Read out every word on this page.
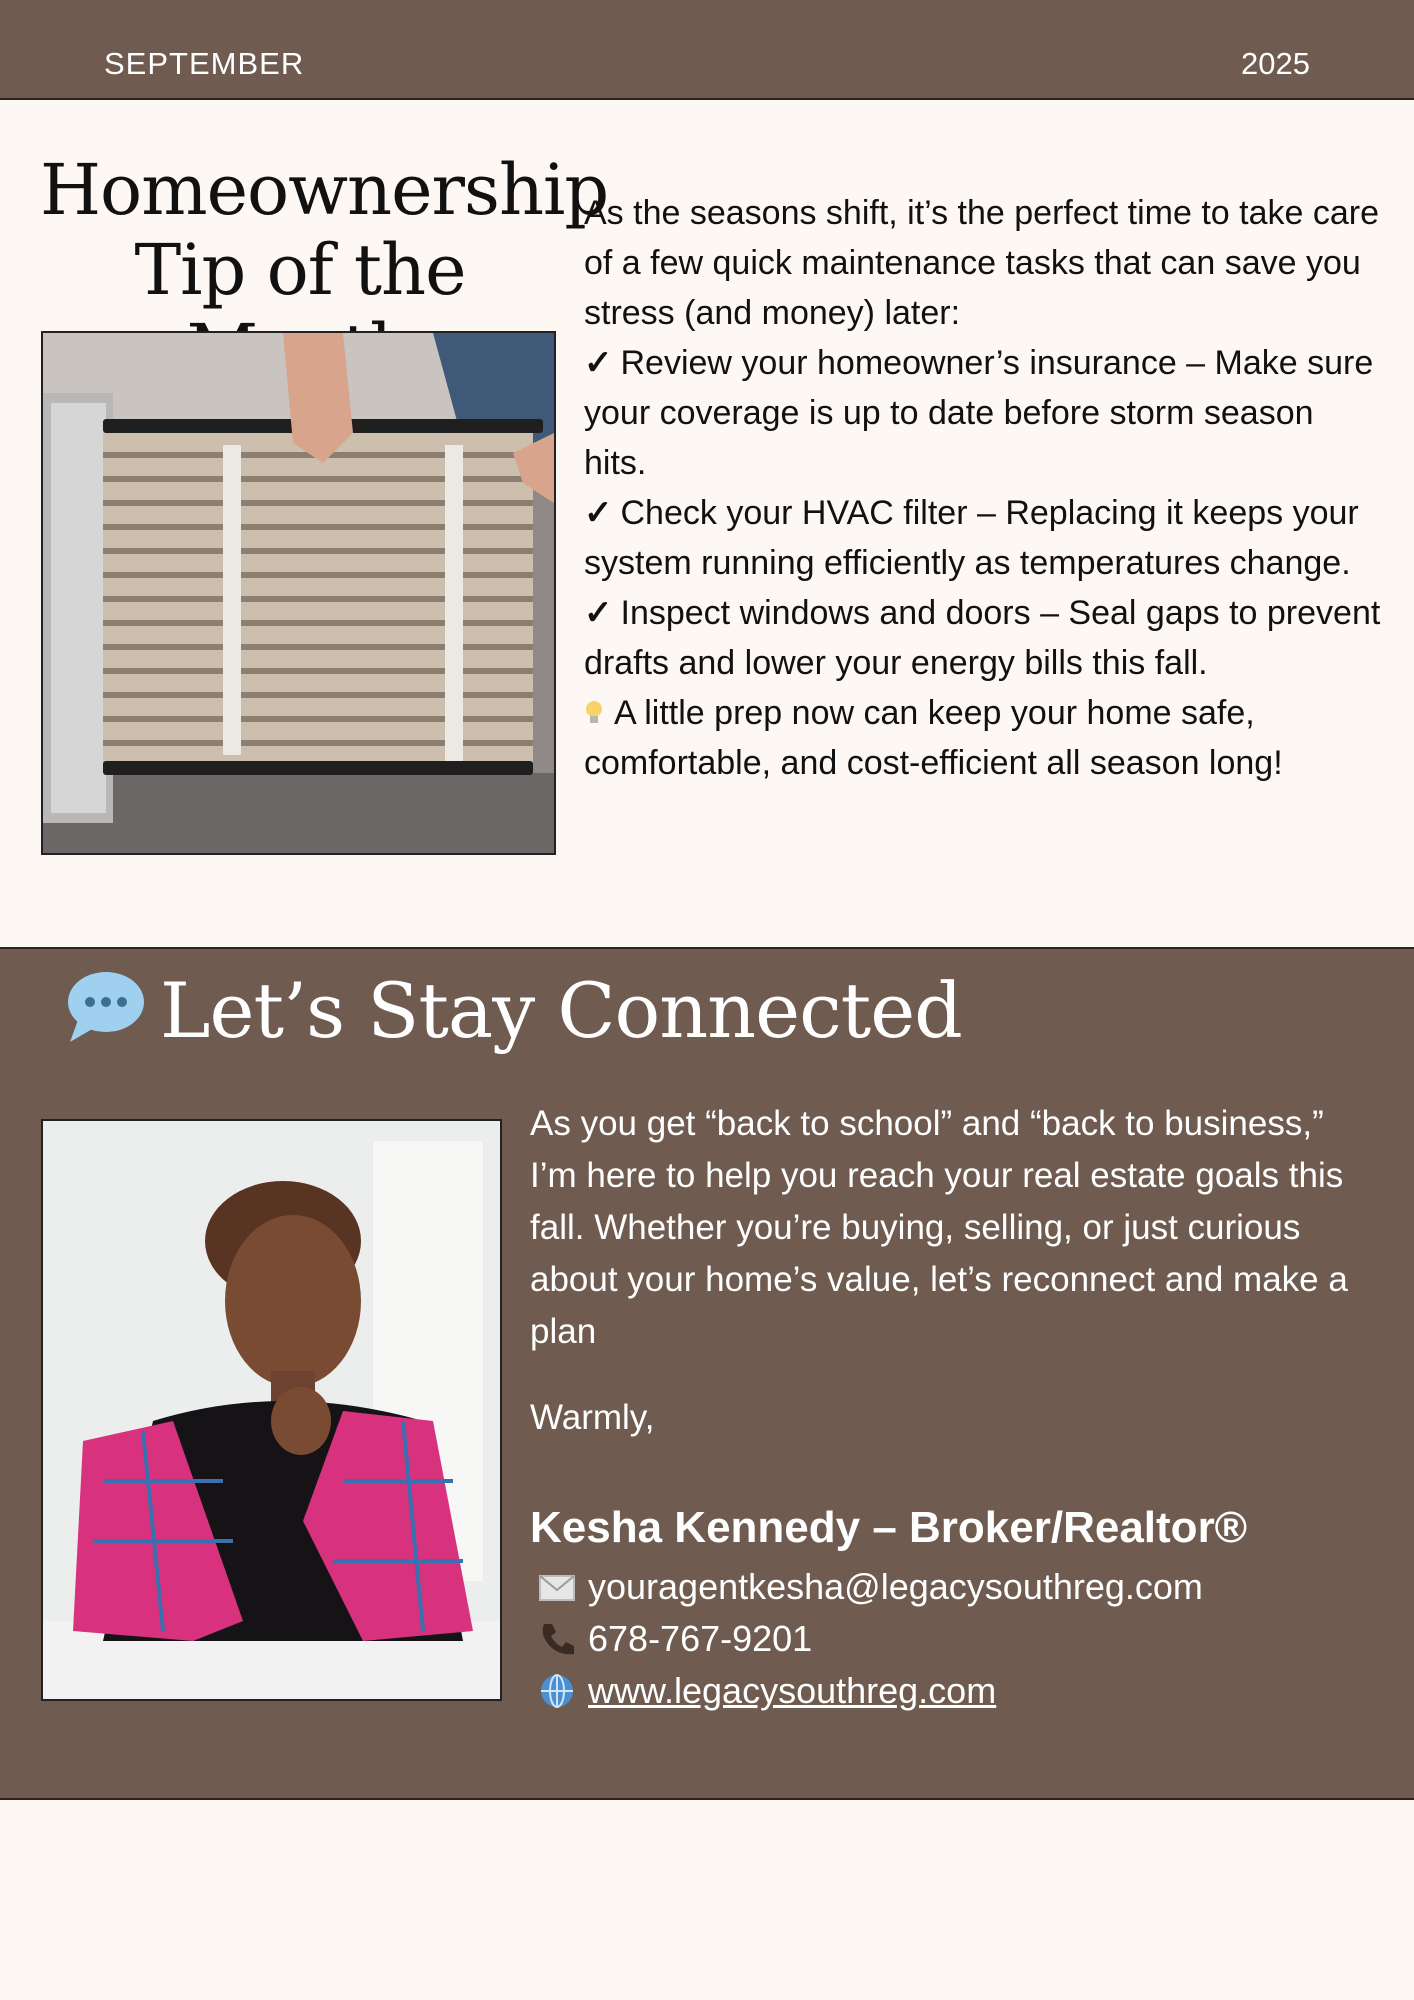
SEPTEMBER	2025
Homeownership
Tip of the

As the seasons shift, it’s the perfect time to take care of a few quick maintenance tasks that can save you stress (and money) later:

✓ Review your homeowner’s insurance – Make sure your coverage is up to date before storm season hits.

✓ Check your HVAC filter – Replacing it keeps your system running efficiently as temperatures change.

✓ Inspect windows and doors – Seal gaps to prevent drafts and lower your energy bills this fall.

A little prep now can keep your home safe, comfortable, and cost-efficient all season long!

Let’s Stay Connected
As you get “back to school” and “back to business,” I’m here to help you reach your real estate goals this fall. Whether you’re buying, selling, or just curious about your home’s value, let’s reconnect and make a plan
Warmly,
Kesha Kennedy – Broker/Realtor®
youragentkesha@legacysouthreg.com
678-767-9201
www.legacysouthreg.com
